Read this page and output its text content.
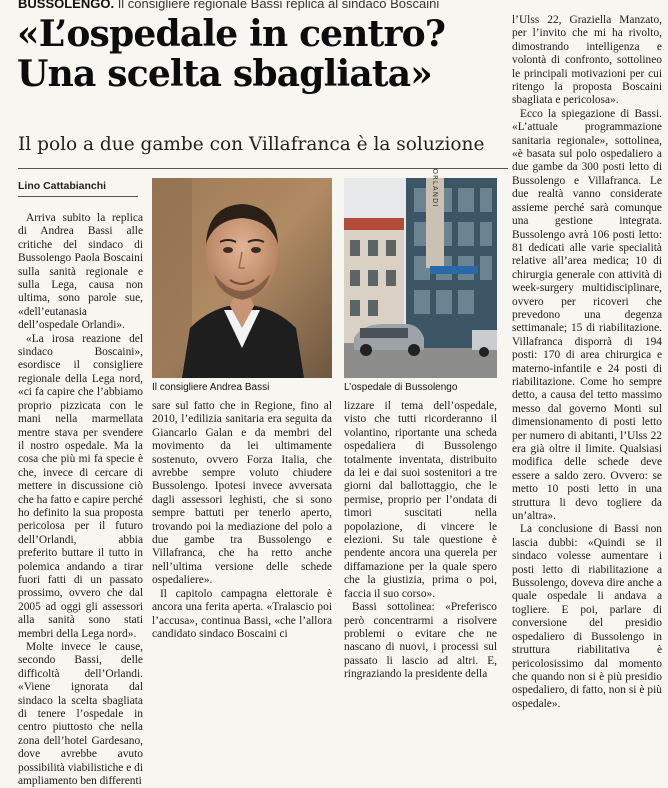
BUSSOLENGO. Il consigliere regionale Bassi replica al sindaco Boscaini
«L’ospedale in centro?
Una scelta sbagliata»
Il polo a due gambe con Villafranca è la soluzione
Lino Cattabianchi
Il consigliere Andrea Bassi
ORLANDI
L’ospedale di Bussolengo

Arriva subito la replica di Andrea Bassi alle critiche del sindaco di Bussolengo Paola Boscaini sulla sanità regionale e sulla Lega, causa non ultima, sono parole sue, «dell’eutanasia dell’ospedale Orlandi».

«La irosa reazione del sindaco Boscaini», esordisce il consigliere regionale della Lega nord, «ci fa capire che l’abbiamo proprio pizzicata con le mani nella marmellata mentre stava per svendere il nostro ospedale. Ma la cosa che più mi fa specie è che, invece di cercare di mettere in discussione ciò che ha fatto e capire perché ho definito la sua proposta pericolosa per il futuro dell’Orlandi, abbia preferito buttare il tutto in polemica andando a tirar fuori fatti di un passato prossimo, ovvero che dal 2005 ad oggi gli assessori alla sanità sono stati membri della Lega nord».

Molte invece le cause, secondo Bassi, delle difficoltà dell’Orlandi. «Viene ignorata dal sindaco la scelta sbagliata di tenere l’ospedale in centro piuttosto che nella zona dell’hotel Gardesano, dove avrebbe avuto possibilità viabilistiche e di ampliamento ben differenti

sare sul fatto che in Regione, fino al 2010, l’edilizia sanitaria era seguita da Giancarlo Galan e da membri del movimento da lei ultimamente sostenuto, ovvero Forza Italia, che avrebbe sempre voluto chiudere Bussolengo. Ipotesi invece avversata dagli assessori leghisti, che si sono sempre battuti per tenerlo aperto, trovando poi la mediazione del polo a due gambe tra Bussolengo e Villafranca, che ha retto anche nell’ultima versione delle schede ospedaliere».

Il capitolo campagna elettorale è ancora una ferita aperta. «Tralascio poi l’accusa», continua Bassi, «che l’allora candidato sindaco Boscaini ci

lizzare il tema dell’ospedale, visto che tutti ricorderanno il volantino, riportante una scheda ospedaliera di Bussolengo totalmente inventata, distribuito da lei e dai suoi sostenitori a tre giorni dal ballottaggio, che le permise, proprio per l’ondata di timori suscitati nella popolazione, di vincere le elezioni. Su tale questione è pendente ancora una querela per diffamazione per la quale spero che la giustizia, prima o poi, faccia il suo corso».

Bassi sottolinea: «Preferisco però concentrarmi a risolvere problemi o evitare che ne nascano di nuovi, i processi sul passato li lascio ad altri. E, ringraziando la presidente della

l’Ulss 22, Graziella Manzato, per l’invito che mi ha rivolto, dimostrando intelligenza e volontà di confronto, sottolineo le principali motivazioni per cui ritengo la proposta Boscaini sbagliata e pericolosa».

Ecco la spiegazione di Bassi. «L’attuale programmazione sanitaria regionale», sottolinea, «è basata sul polo ospedaliero a due gambe da 300 posti letto di Bussolengo e Villafranca. Le due realtà vanno considerate assieme perché sarà comunque una gestione integrata. Bussolengo avrà 106 posti letto: 81 dedicati alle varie specialità relative all’area medica; 10 di chirurgia generale con attività di week-surgery multidisciplinare, ovvero per ricoveri che prevedono una degenza settimanale; 15 di riabilitazione. Villafranca disporrà di 194 posti: 170 di area chirurgica e materno-infantile e 24 posti di riabilitazione. Come ho sempre detto, a causa del tetto massimo messo dal governo Monti sul dimensionamento di posti letto per numero di abitanti, l’Ulss 22 era già oltre il limite. Qualsiasi modifica delle schede deve essere a saldo zero. Ovvero: se metto 10 posti letto in una struttura li devo togliere da un’altra».

La conclusione di Bassi non lascia dubbi: «Quindi se il sindaco volesse aumentare i posti letto di riabilitazione a Bussolengo, doveva dire anche a quale ospedale li andava a togliere. E poi, parlare di conversione del presidio ospedaliero di Bussolengo in struttura riabilitativa è pericolosissimo dal momento che quando non si è più presidio ospedaliero, di fatto, non si è più ospedale».
